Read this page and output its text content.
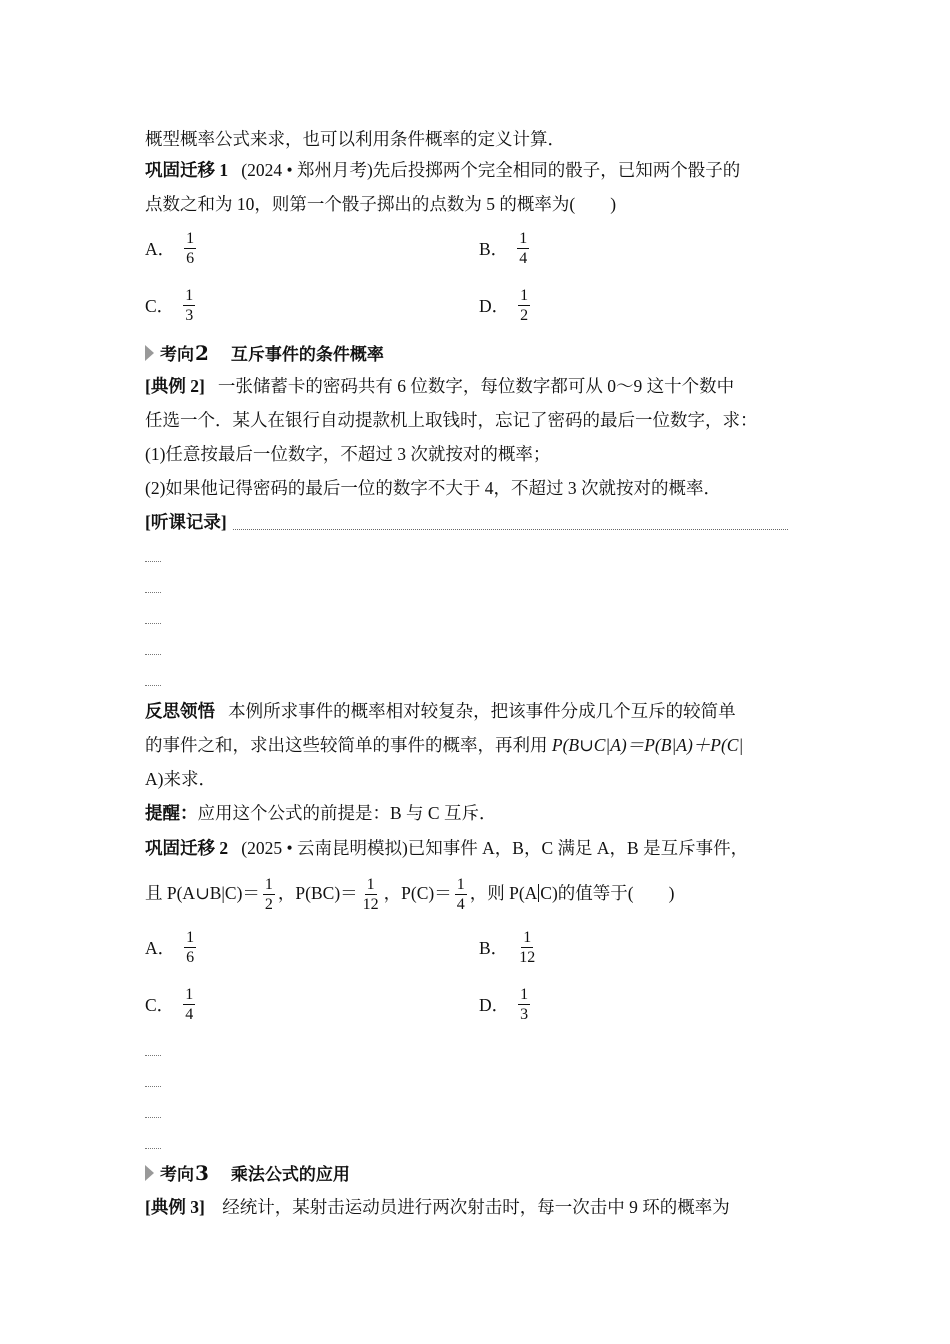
概型概率公式来求，也可以利用条件概率的定义计算．
巩固迁移 1 (2024 • 郑州月考)先后投掷两个完全相同的骰子，已知两个骰子的
点数之和为 10，则第一个骰子掷出的点数为 5 的概率为(　　)
A． $\frac{1}{6}$	B． $\frac{1}{4}$
C． $\frac{1}{3}$	D． $\frac{1}{2}$
考向 2 互斥事件的条件概率
[典例 2] 一张储蓄卡的密码共有 6 位数字，每位数字都可从 0～9 这十个数中
任选一个．某人在银行自动提款机上取钱时，忘记了密码的最后一位数字，求：
(1)任意按最后一位数字，不超过 3 次就按对的概率；
(2)如果他记得密码的最后一位的数字不大于 4，不超过 3 次就按对的概率．
[听课记录]
反思领悟 本例所求事件的概率相对较复杂，把该事件分成几个互斥的较简单
的事件之和，求出这些较简单的事件的概率，再利用 P(B∪C|A)＝P(B|A)＋P(C|
A)来求．
提醒：应用这个公式的前提是：B 与 C 互斥．
巩固迁移 2 (2025 • 云南昆明模拟)已知事件 A，B，C 满足 A，B 是互斥事件，
且 P(A∪B|C)＝ $\frac{1}{2}$ ，$P(BC)= \frac{1}{12}$ ，$P(C)= \frac{1}{4}$ ，则 P(A C)的值等于(　　)
A． $\frac{1}{6}$	B． $\frac{1}{12}$
C． $\frac{1}{4}$	D． $\frac{1}{3}$
考向 3 乘法公式的应用
[典例 3] 经统计，某射击运动员进行两次射击时，每一次击中 9 环的概率为
